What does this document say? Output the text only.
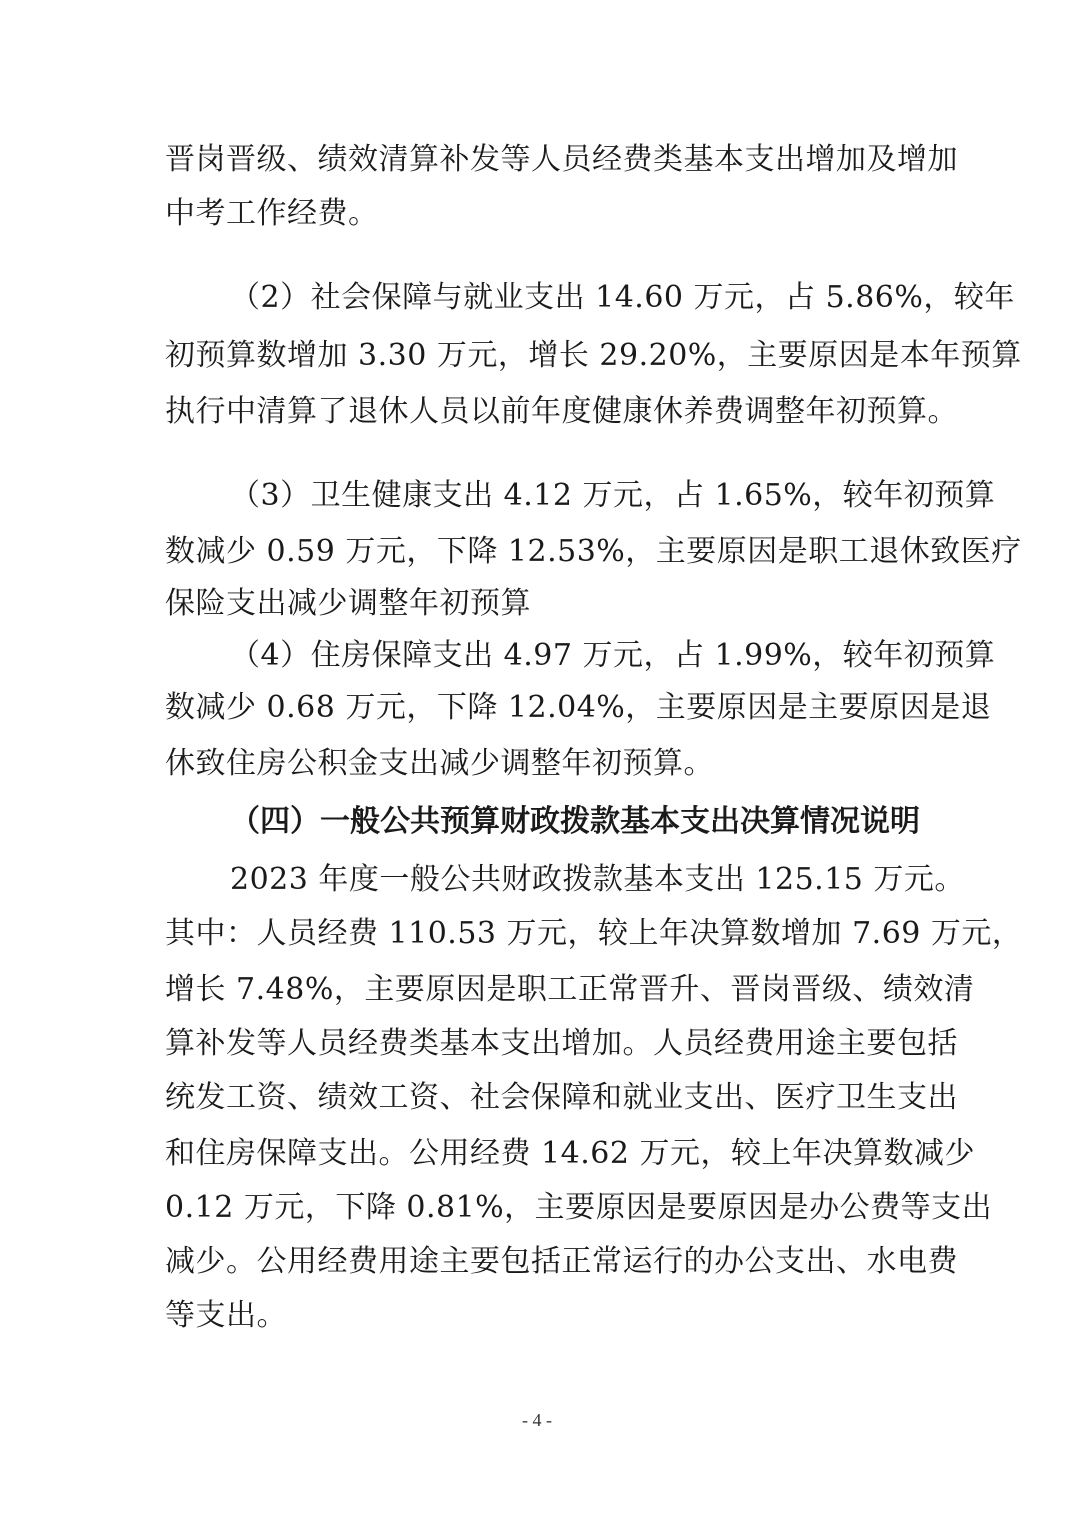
晋岗晋级、绩效清算补发等人员经费类基本支出增加及增加
中考工作经费。
（2）社会保障与就业支出 14.60 万元，占 5.86%，较年
初预算数增加 3.30 万元，增长 29.20%，主要原因是本年预算
执行中清算了退休人员以前年度健康休养费调整年初预算。
（3）卫生健康支出 4.12 万元，占 1.65%，较年初预算
数减少 0.59 万元，下降 12.53%，主要原因是职工退休致医疗
保险支出减少调整年初预算
（4）住房保障支出 4.97 万元，占 1.99%，较年初预算
数减少 0.68 万元，下降 12.04%，主要原因是主要原因是退
休致住房公积金支出减少调整年初预算。
（四）一般公共预算财政拨款基本支出决算情况说明
2023 年度一般公共财政拨款基本支出 125.15 万元。
其中：人员经费 110.53 万元，较上年决算数增加 7.69 万元，
增长 7.48%，主要原因是职工正常晋升、晋岗晋级、绩效清
算补发等人员经费类基本支出增加。人员经费用途主要包括
统发工资、绩效工资、社会保障和就业支出、医疗卫生支出
和住房保障支出。公用经费 14.62 万元，较上年决算数减少
0.12 万元，下降 0.81%，主要原因是要原因是办公费等支出
减少。公用经费用途主要包括正常运行的办公支出、水电费
等支出。
- 4 -
